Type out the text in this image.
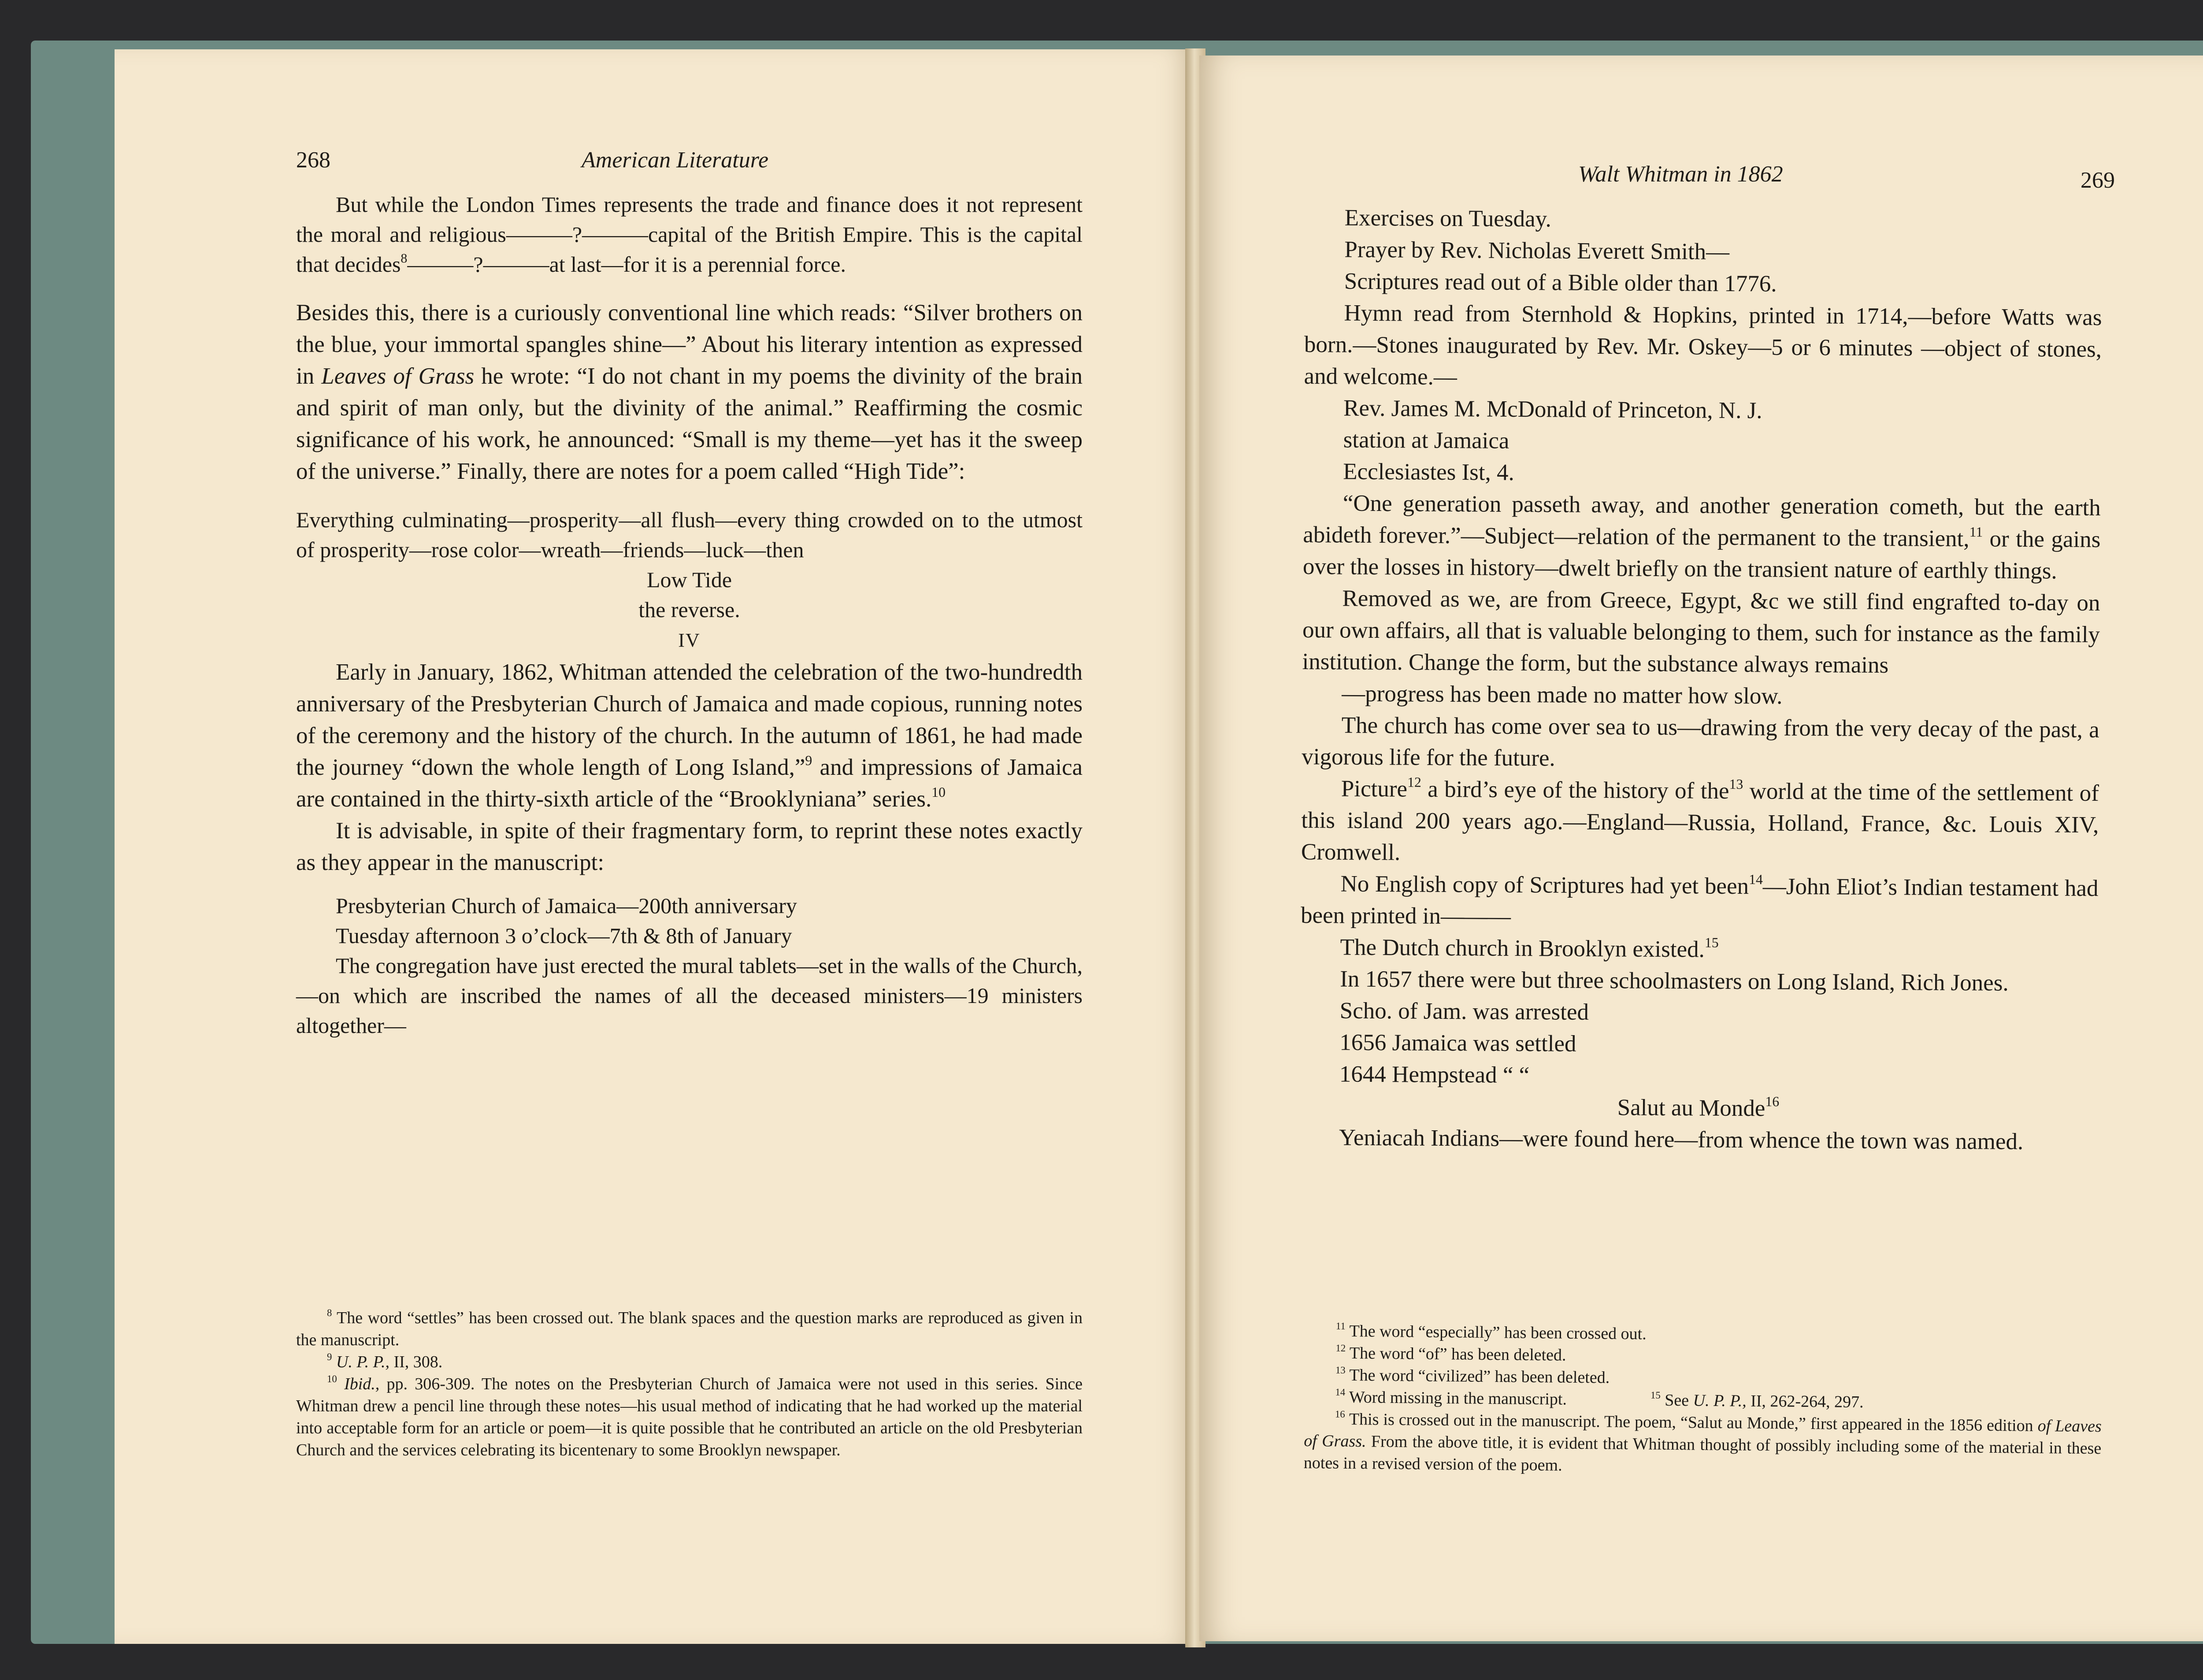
268	American Literature

But while the London Times represents the trade and finance does it not represent the moral and religious———?———capital of the British Empire. This is the capital that decides$^8$———?———at last—for it is a perennial force.

Besides this, there is a curiously conventional line which reads: “Silver brothers on the blue, your immortal spangles shine—” About his literary intention as expressed in Leaves of Grass he wrote: “I do not chant in my poems the divinity of the brain and spirit of man only, but the divinity of the animal.” Reaffirming the cosmic significance of his work, he announced: “Small is my theme—yet has it the sweep of the universe.” Finally, there are notes for a poem called “High Tide”:

Everything culminating—prosperity—all flush—every thing crowded on to the utmost of prosperity—rose color—wreath—friends—luck—then

Low Tide

the reverse.

IV

Early in January, 1862, Whitman attended the celebration of the two-hundredth anniversary of the Presbyterian Church of Jamaica and made copious, running notes of the ceremony and the history of the church. In the autumn of 1861, he had made the journey “down the whole length of Long Island,”$^9$ and impressions of Jamaica are contained in the thirty-sixth article of the “Brooklyniana” series.$^{10}$

It is advisable, in spite of their fragmentary form, to reprint these notes exactly as they appear in the manuscript:

Presbyterian Church of Jamaica—200th anniversary

Tuesday afternoon 3 o’clock—7th & 8th of January

The congregation have just erected the mural tablets—set in the walls of the Church,—on which are inscribed the names of all the deceased ministers—19 ministers altogether—

$^8$ The word “settles” has been crossed out. The blank spaces and the question marks are reproduced as given in the manuscript.

$^9$ U. P. P., II, 308.

$^{10}$ Ibid., pp. 306-309. The notes on the Presbyterian Church of Jamaica were not used in this series. Since Whitman drew a pencil line through these notes—his usual method of indicating that he had worked up the material into acceptable form for an article or poem—it is quite possible that he contributed an article on the old Presbyterian Church and the services celebrating its bicentenary to some Brooklyn newspaper.

Walt Whitman in 1862	269

Exercises on Tuesday.

Prayer by Rev. Nicholas Everett Smith—

Scriptures read out of a Bible older than 1776.

Hymn read from Sternhold & Hopkins, printed in 1714,—before Watts was born.—Stones inaugurated by Rev. Mr. Oskey—5 or 6 minutes —object of stones, and welcome.—

Rev. James M. McDonald of Princeton, N. J.

station at Jamaica

Ecclesiastes Ist, 4.

“One generation passeth away, and another generation cometh, but the earth abideth forever.”—Subject—relation of the permanent to the transient,$^{11}$ or the gains over the losses in history—dwelt briefly on the transient nature of earthly things.

Removed as we, are from Greece, Egypt, &c we still find engrafted to-day on our own affairs, all that is valuable belonging to them, such for instance as the family institution. Change the form, but the substance always remains

—progress has been made no matter how slow.

The church has come over sea to us—drawing from the very decay of the past, a vigorous life for the future.

Picture$^{12}$ a bird’s eye of the history of the$^{13}$ world at the time of the settlement of this island 200 years ago.—England—Russia, Holland, France, &c. Louis XIV, Cromwell.

No English copy of Scriptures had yet been$^{14}$—John Eliot’s Indian testament had been printed in———

The Dutch church in Brooklyn existed.$^{15}$

In 1657 there were but three schoolmasters on Long Island, Rich Jones.

Scho. of Jam. was arrested

1656 Jamaica was settled

1644 Hempstead “ “

Salut au Monde$^{16}$

Yeniacah Indians—were found here—from whence the town was named.

$^{11}$ The word “especially” has been crossed out.

$^{12}$ The word “of” has been deleted.

$^{13}$ The word “civilized” has been deleted.

$^{14}$ Word missing in the manuscript.	$^{15}$ See U. P. P., II, 262-264, 297.

$^{16}$ This is crossed out in the manuscript. The poem, “Salut au Monde,” first appeared in the 1856 edition of Leaves of Grass. From the above title, it is evident that Whitman thought of possibly including some of the material in these notes in a revised version of the poem.
